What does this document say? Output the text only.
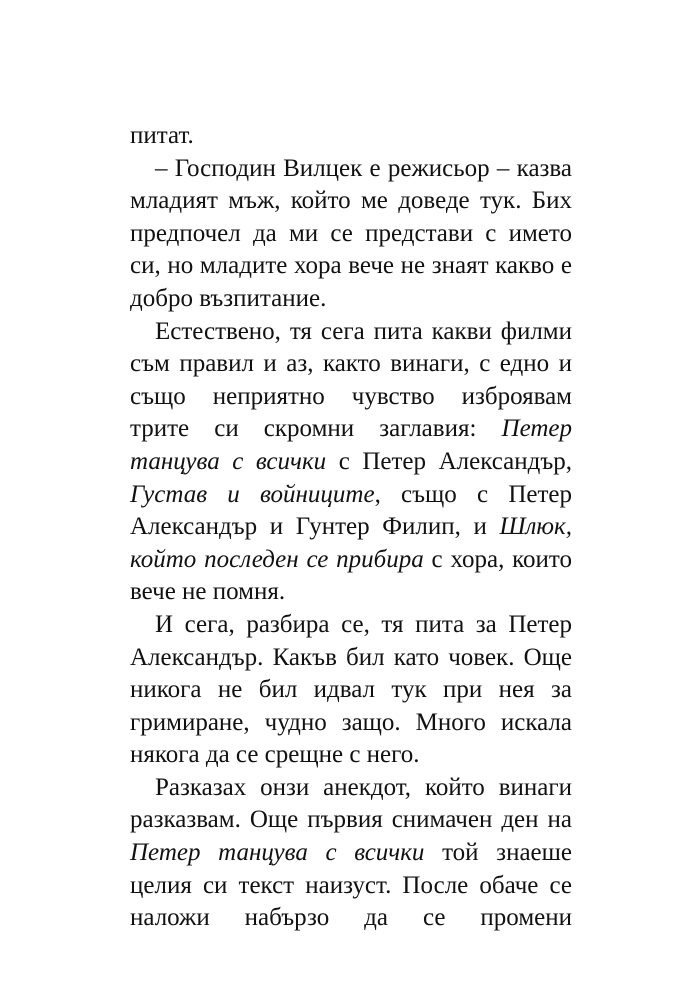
питат.

– Господин Вилцек е режисьор – казва младият мъж, който ме доведе тук. Бих предпочел да ми се представи с името си, но младите хора вече не знаят какво е добро възпитание.

Естествено, тя сега пита какви филми съм правил и аз, както винаги, с едно и също неприятно чувство изброявам трите си скромни заглавия: Петер танцува с всички с Петер Александър, Густав и войниците, също с Петер Александър и Гунтер Филип, и Шлюк, който последен се прибира с хора, които вече не помня.

И сега, разбира се, тя пита за Петер Александър. Какъв бил като човек. Още никога не бил идвал тук при нея за гримиране, чудно защо. Много искала някога да се срещне с него.

Разказах онзи анекдот, който винаги разказвам. Още първия снимачен ден на Петер танцува с всички той знаеше целия си текст наизуст. После обаче се наложи набързо да се промени
